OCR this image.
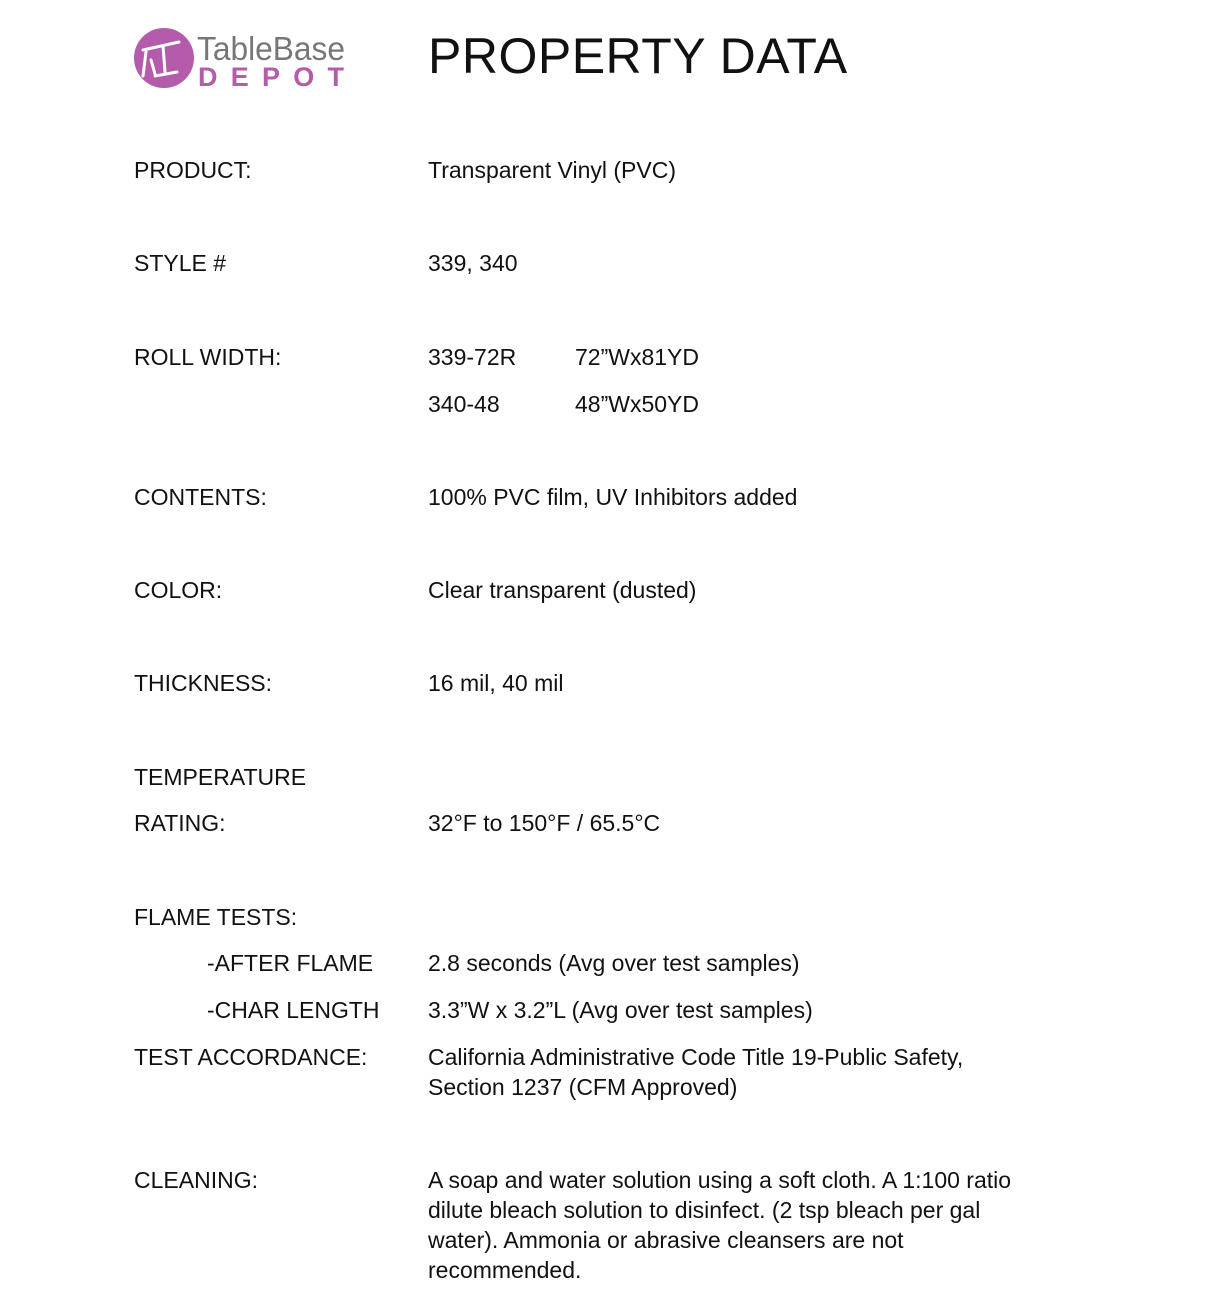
TableBase
DEPOT PROPERTY DATA
PRODUCT:	Transparent Vinyl (PVC)
STYLE #	339, 340
ROLL WIDTH:	339-72R	72”Wx81YD
340-48	48”Wx50YD
CONTENTS:	100% PVC film, UV Inhibitors added
COLOR:	Clear transparent (dusted)
THICKNESS:	16 mil, 40 mil
TEMPERATURE
RATING:	32°F to 150°F / 65.5°C
FLAME TESTS:
-AFTER FLAME 2.8 seconds (Avg over test samples)
-CHAR LENGTH 3.3”W x 3.2”L (Avg over test samples)
TEST ACCORDANCE:	California Administrative Code Title 19-Public Safety,
Section 1237 (CFM Approved)
CLEANING:	A soap and water solution using a soft cloth. A 1:100 ratio
dilute bleach solution to disinfect. (2 tsp bleach per gal
water). Ammonia or abrasive cleansers are not
recommended.
